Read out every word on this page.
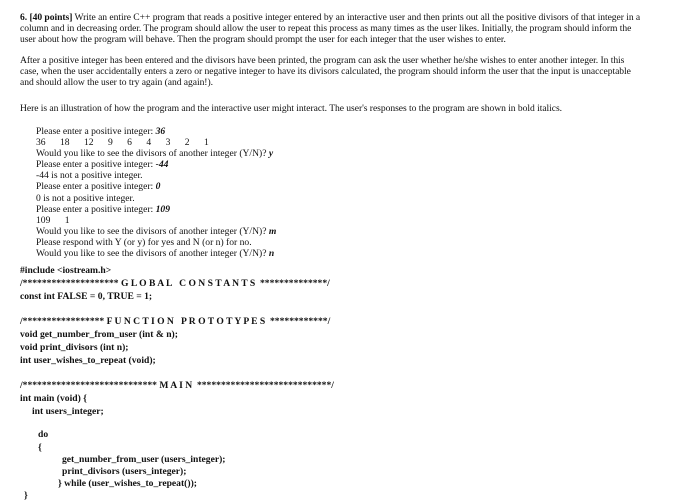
6. [40 points] Write an entire C++ program that reads a positive integer entered by an interactive user and then prints out all the positive divisors of that integer in a
column and in decreasing order. The program should allow the user to repeat this process as many times as the user likes. Initially, the program should inform the
user about how the program will behave. Then the program should prompt the user for each integer that the user wishes to enter.
After a positive integer has been entered and the divisors have been printed, the program can ask the user whether he/she wishes to enter another integer. In this
case, when the user accidentally enters a zero or negative integer to have its divisors calculated, the program should inform the user that the input is unacceptable
and should allow the user to try again (and again!).
Here is an illustration of how the program and the interactive user might interact. The user's responses to the program are shown in bold italics.
Please enter a positive integer: 36
36 18 12 9 6 4 3 2 1
Would you like to see the divisors of another integer (Y/N)? y
Please enter a positive integer: -44
-44 is not a positive integer.
Please enter a positive integer: 0
0 is not a positive integer.
Please enter a positive integer: 109
109 1
Would you like to see the divisors of another integer (Y/N)? m
Please respond with Y (or y) for yes and N (or n) for no.
Would you like to see the divisors of another integer (Y/N)? n
#include <iostream.h>
/******************** G L O B A L   C O N S T A N T S  **************/
const int FALSE = 0, TRUE = 1;
/***************** F U N C T I O N   P R O T O T Y P E S  ************/
void get_number_from_user (int & n);
void print_divisors (int n);
int user_wishes_to_repeat (void);
/**************************** M A I N  ****************************/
int main (void) {
int users_integer;
do
{
get_number_from_user (users_integer);
print_divisors (users_integer);
} while (user_wishes_to_repeat());
}
